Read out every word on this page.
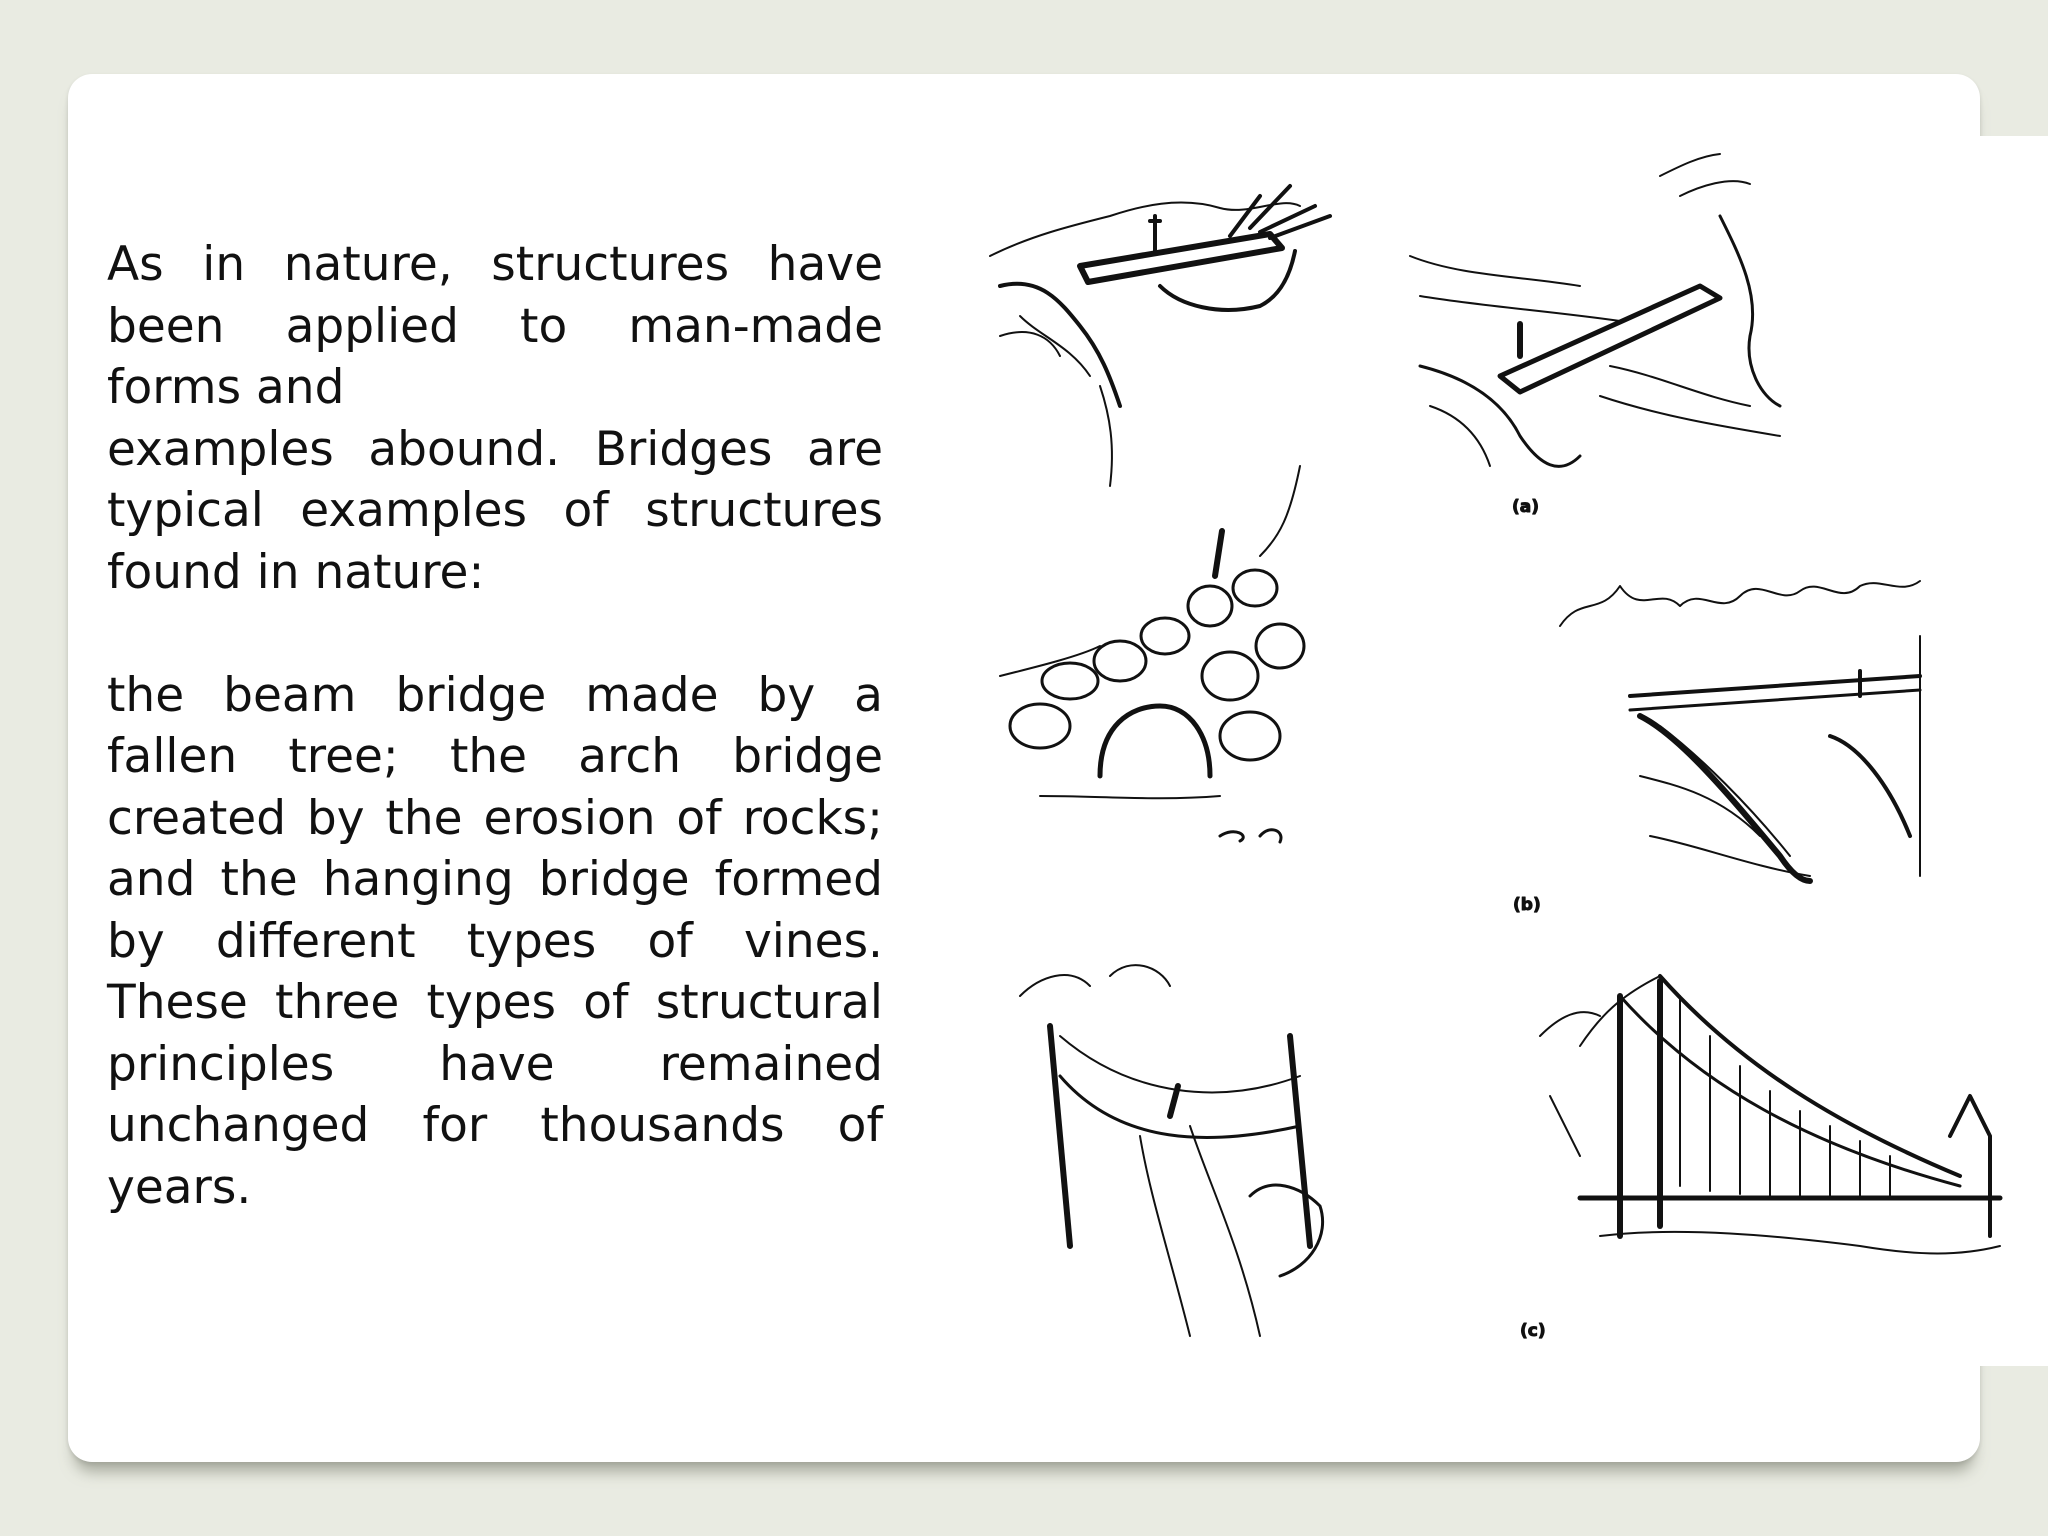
As in nature, structures have been applied to man-made forms and

examples abound. Bridges are typical examples of structures found in nature:

the beam bridge made by a fallen tree; the arch bridge created by the erosion of rocks; and the hanging bridge formed by different types of vines. These three types of structural principles have remained unchanged for thousands of years.

(a)
(b)
(c)
